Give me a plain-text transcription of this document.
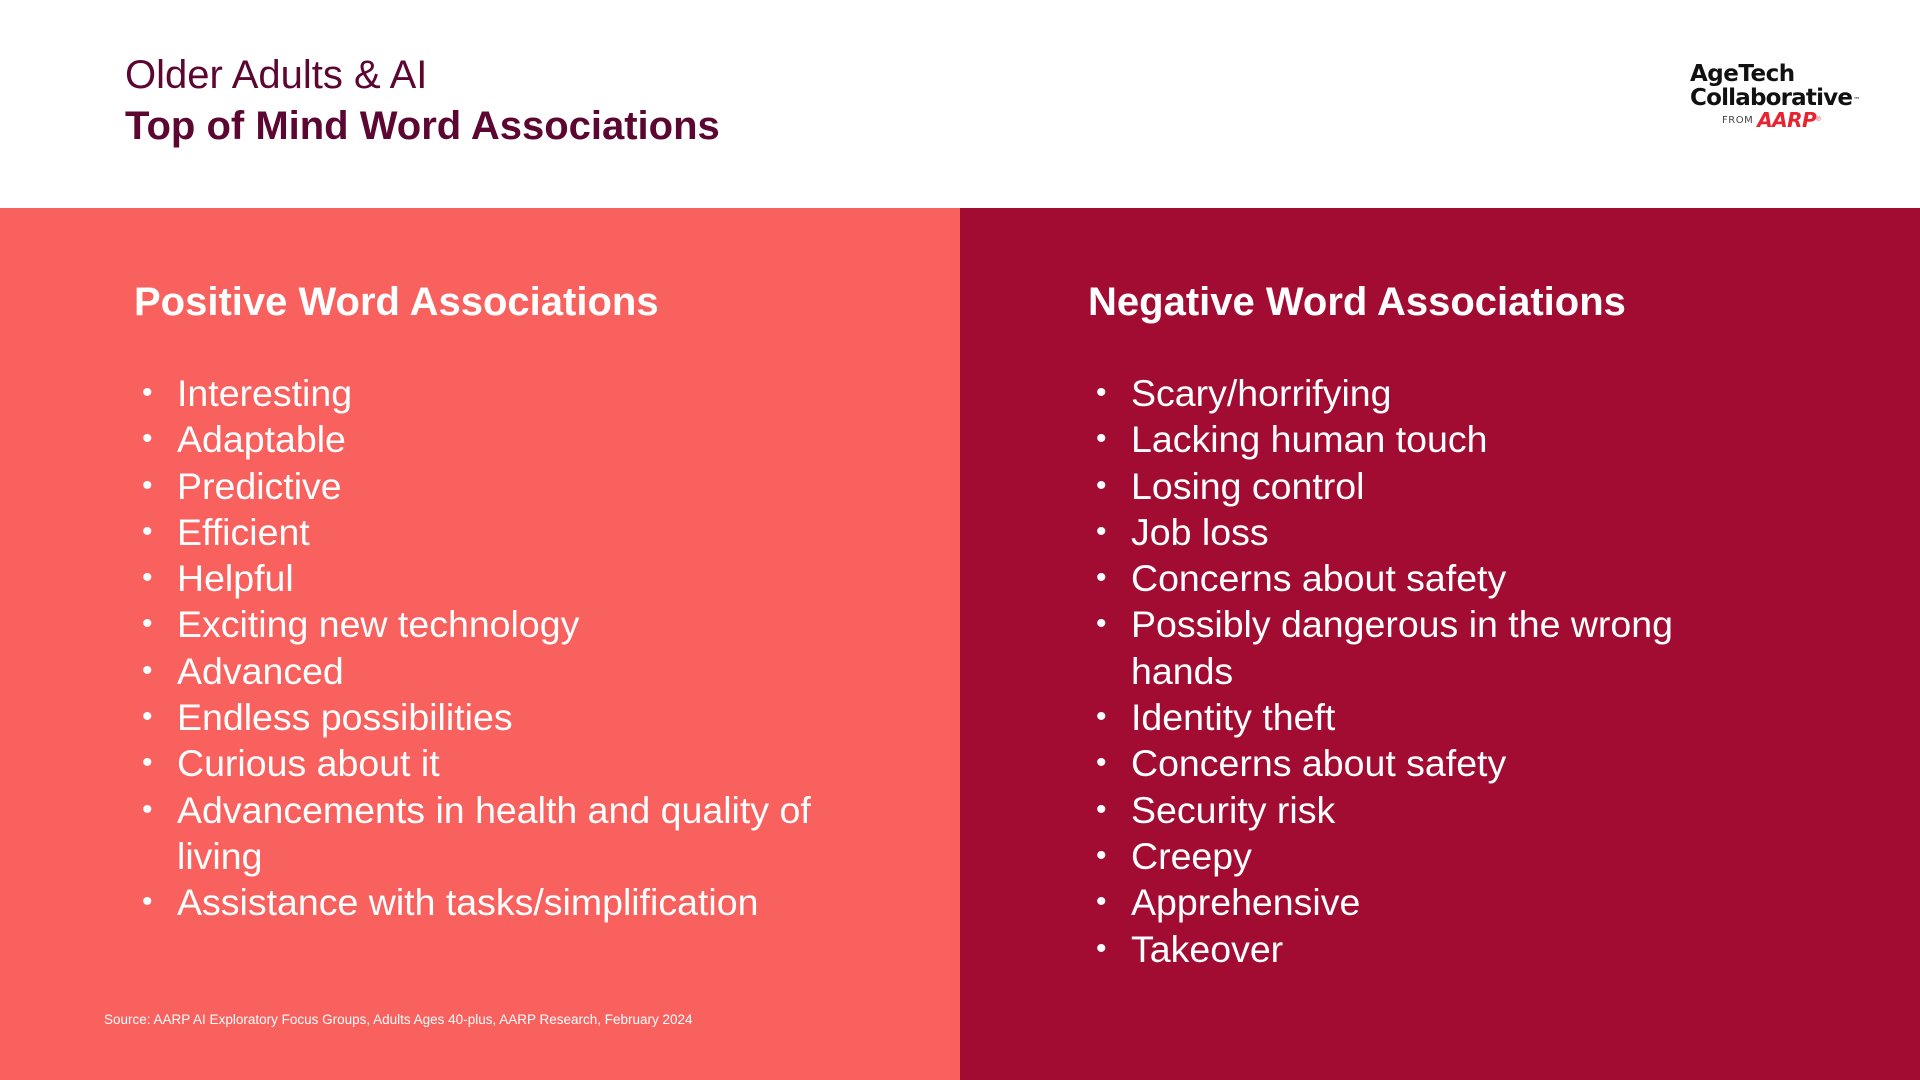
Older Adults & AI
Top of Mind Word Associations
AgeTech
Collaborative ™
FROM AARP ®
Positive Word Associations
• Interesting
• Adaptable
• Predictive
• Efficient
• Helpful
• Exciting new technology
• Advanced
• Endless possibilities
• Curious about it
• Advancements in health and quality of living
• Assistance with tasks/simplification
Source: AARP AI Exploratory Focus Groups, Adults Ages 40-plus, AARP Research, February 2024
Negative Word Associations
• Scary/horrifying
• Lacking human touch
• Losing control
• Job loss
• Concerns about safety
• Possibly dangerous in the wrong hands
• Identity theft
• Concerns about safety
• Security risk
• Creepy
• Apprehensive
• Takeover
